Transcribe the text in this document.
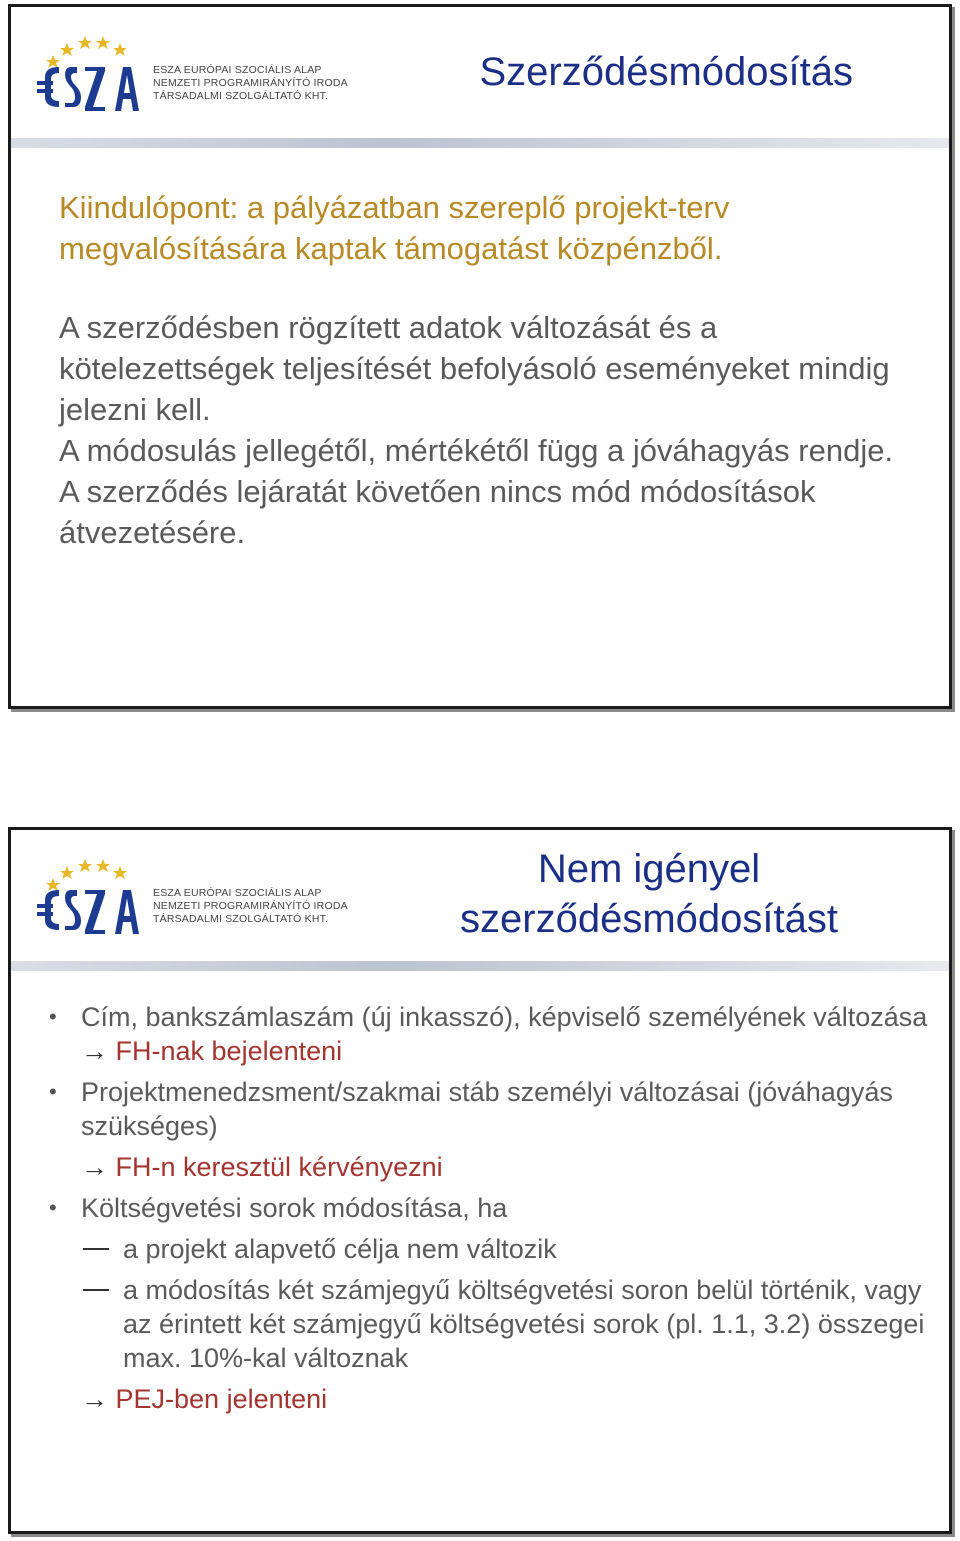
ESZA EURÓPAI SZOCIÁLIS ALAP
NEMZETI PROGRAMIRÁNYÍTÓ IRODA
TÁRSADALMI SZOLGÁLTATÓ KHT.
Szerződésmódosítás

Kiindulópont: a pályázatban szereplő projekt-terv megvalósítására kaptak támogatást közpénzből.

A szerződésben rögzített adatok változását és a kötelezettségek teljesítését befolyásoló eseményeket mindig jelezni kell.

A módosulás jellegétől, mértékétől függ a jóváhagyás rendje.

A szerződés lejáratát követően nincs mód módosítások átvezetésére.

ESZA EURÓPAI SZOCIÁLIS ALAP
NEMZETI PROGRAMIRÁNYÍTÓ IRODA
TÁRSADALMI SZOLGÁLTATÓ KHT.
Nem igényel szerződésmódosítást
• Cím, bankszámlaszám (új inkasszó), képviselő személyének változása → FH-nak bejelenteni
• Projektmenedzsment/szakmai stáb személyi változásai (jóváhagyás szükséges)
→ FH-n keresztül kérvényezni
• Költségvetési sorok módosítása, ha
a projekt alapvető célja nem változik
a módosítás két számjegyű költségvetési soron belül történik, vagy az érintett két számjegyű költségvetési sorok (pl. 1.1, 3.2) összegei max. 10%-kal változnak
→ PEJ-ben jelenteni
